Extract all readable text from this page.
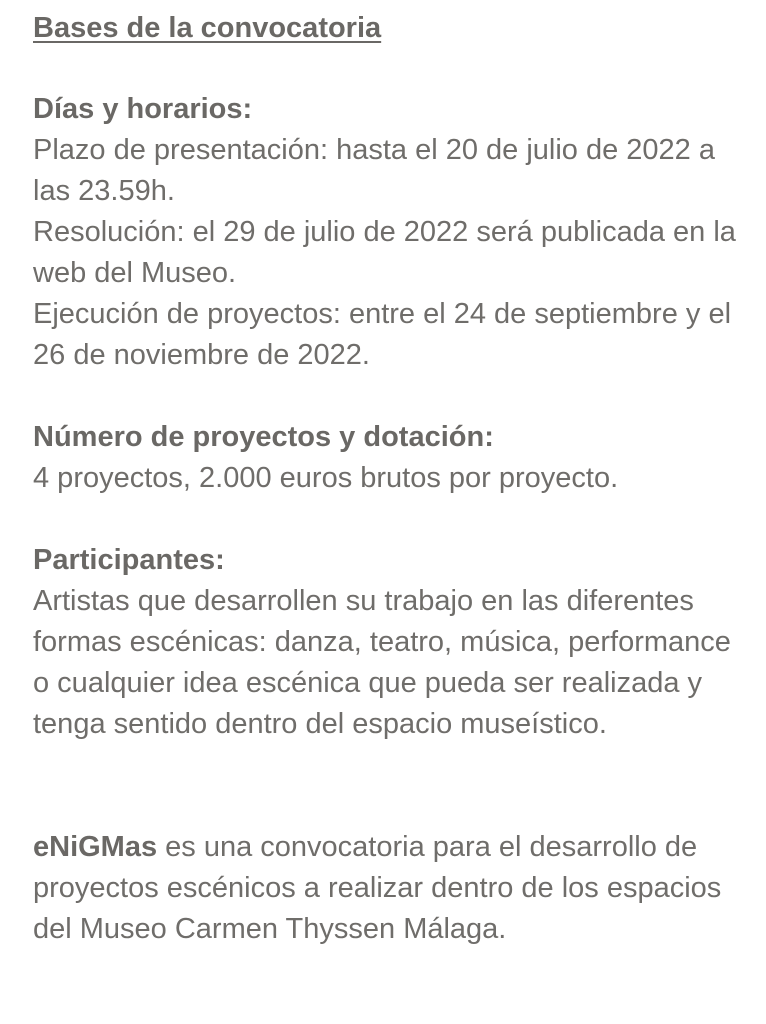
Bases de la convocatoria
Días y horarios:

Plazo de presentación: hasta el 20 de julio de 2022 a las 23.59h.

Resolución: el 29 de julio de 2022 será publicada en la web del Museo.

Ejecución de proyectos: entre el 24 de septiembre y el 26 de noviembre de 2022.

Número de proyectos y dotación:

4 proyectos, 2.000 euros brutos por proyecto.

Participantes:

Artistas que desarrollen su trabajo en las diferentes formas escénicas: danza, teatro, música, performance o cualquier idea escénica que pueda ser realizada y tenga sentido dentro del espacio museístico.

eNiGMas es una convocatoria para el desarrollo de proyectos escénicos a realizar dentro de los espacios del Museo Carmen Thyssen Málaga.
